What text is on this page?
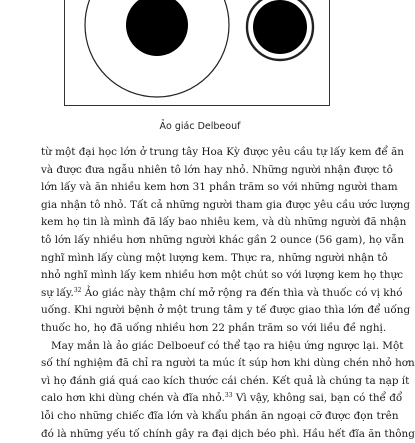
Ảo giác Delbeouf
từ một đại học lớn ở trung tây Hoa Kỳ được yêu cầu tự lấy kem để ăn
và được đưa ngẫu nhiên tô lớn hay nhỏ. Những người nhận được tô
lớn lấy và ăn nhiều kem hơn 31 phần trăm so với những người tham
gia nhận tô nhỏ. Tất cả những người tham gia được yêu cầu ước lượng
kem họ tin là mình đã lấy bao nhiêu kem, và dù những người đã nhận
tô lớn lấy nhiều hơn những người khác gần 2 ounce (56 gam), họ vẫn
nghĩ mình lấy cùng một lượng kem. Thực ra, những người nhận tô
nhỏ nghĩ mình lấy kem nhiều hơn một chút so với lượng kem họ thực
sự lấy.$^{32}$ Ảo giác này thậm chí mở rộng ra đến thìa và thuốc có vị khó
uống. Khi người bệnh ở một trung tâm y tế được giao thìa lớn để uống
thuốc ho, họ đã uống nhiều hơn 22 phần trăm so với liều đề nghị.
May mắn là ảo giác Delboeuf có thể tạo ra hiệu ứng ngược lại. Một
số thí nghiệm đã chỉ ra người ta múc ít súp hơn khi dùng chén nhỏ hơn
vì họ đánh giá quá cao kích thước cái chén. Kết quả là chúng ta nạp ít
calo hơn khi dùng chén và đĩa nhỏ.$^{33}$ Vì vậy, không sai, bạn có thể đổ
lỗi cho những chiếc đĩa lớn và khẩu phần ăn ngoại cỡ được đọn trên
đó là những yếu tố chính gây ra đại dịch béo phì. Hầu hết đĩa ăn thông
